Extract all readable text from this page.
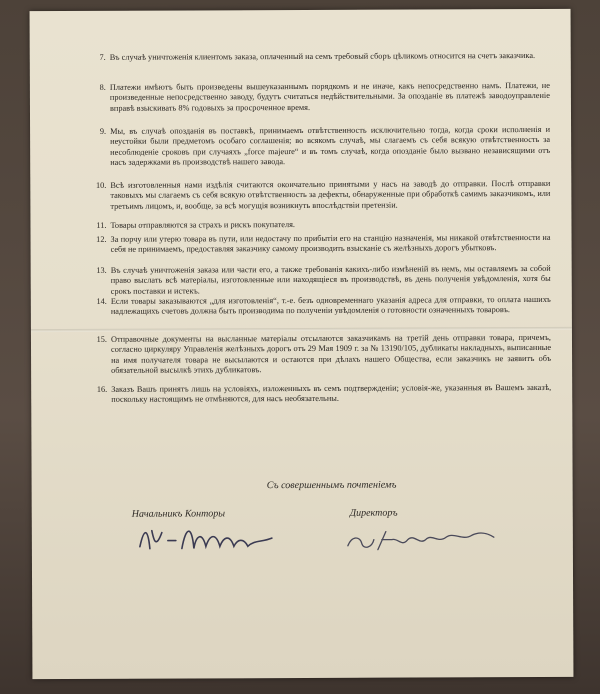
7. Въ случаѣ уничтоженія клиентомъ заказа, оплаченный на семъ требовый сборъ цѣликомъ относится на счетъ заказчика.
8. Платежи имѣютъ быть произведены вышеуказаннымъ порядкомъ и не иначе, какъ непосредственно намъ. Платежи, не произведенные непосредственно заводу, будутъ считаться недѣйствительными. За опозданіе въ платежѣ заводоуправленіе вправѣ взыскивать 8% годовыхъ за просроченное время.
9. Мы, въ случаѣ опозданія въ поставкѣ, принимаемъ отвѣтственность исключительно тогда, когда сроки исполненія и неустойки были предметомъ особаго соглашенія; во всякомъ случаѣ, мы слагаемъ съ себя всякую отвѣтственность за несоблюденіе сроковъ при случаяхъ „force majeure“ и въ томъ случаѣ, когда опозданіе было вызвано независящими отъ насъ задержками въ производствѣ нашего завода.
10. Всѣ изготовленныя нами издѣлія считаются окончательно принятыми у насъ на заводѣ до отправки. Послѣ отправки таковыхъ мы слагаемъ съ себя всякую отвѣтственность за дефекты, обнаруженные при обработкѣ самимъ заказчикомъ, или третьимъ лицомъ, и, вообще, за всѣ могущія возникнуть впослѣдствіи претензіи.
11. Товары отправляются за страхъ и рискъ покупателя.
12. За порчу или утерю товара въ пути, или недостачу по прибытіи его на станцію назначенія, мы никакой отвѣтственности на себя не принимаемъ, предоставляя заказчику самому производить взысканіе съ желѣзныхъ дорогъ убытковъ.
13. Въ случаѣ уничтоженія заказа или части его, а также требованія какихъ-либо измѣненій въ немъ, мы оставляемъ за собой право выслать всѣ матеріалы, изготовленные или находящіеся въ производствѣ, въ день полученія увѣдомленія, хотя бы срокъ поставки и истекъ.
14. Если товары заказываются „для изготовленія“, т.-е. безъ одновременнаго указанія адреса для отправки, то оплата нашихъ надлежащихъ счетовъ должна быть производима по полученіи увѣдомленія о готовности означенныхъ товаровъ.
15. Отправочные документы на высланные матеріалы отсылаются заказчикамъ на третій день отправки товара, причемъ, согласно циркуляру Управленія желѣзныхъ дорогъ отъ 29 Мая 1909 г. за № 13190/105, дубликаты накладныхъ, выписанные на имя получателя товара не высылаются и остаются при дѣлахъ нашего Общества, если заказчикъ не заявитъ объ обязательной высылкѣ этихъ дубликатовъ.
16. Заказъ Вашъ принятъ лишь на условіяхъ, изложенныхъ въ семъ подтвержденіи; условія-же, указанныя въ Вашемъ заказѣ, поскольку настоящимъ не отмѣняются, для насъ необязательны.
Съ совершеннымъ почтеніемъ
Начальникъ Конторы	Директоръ
